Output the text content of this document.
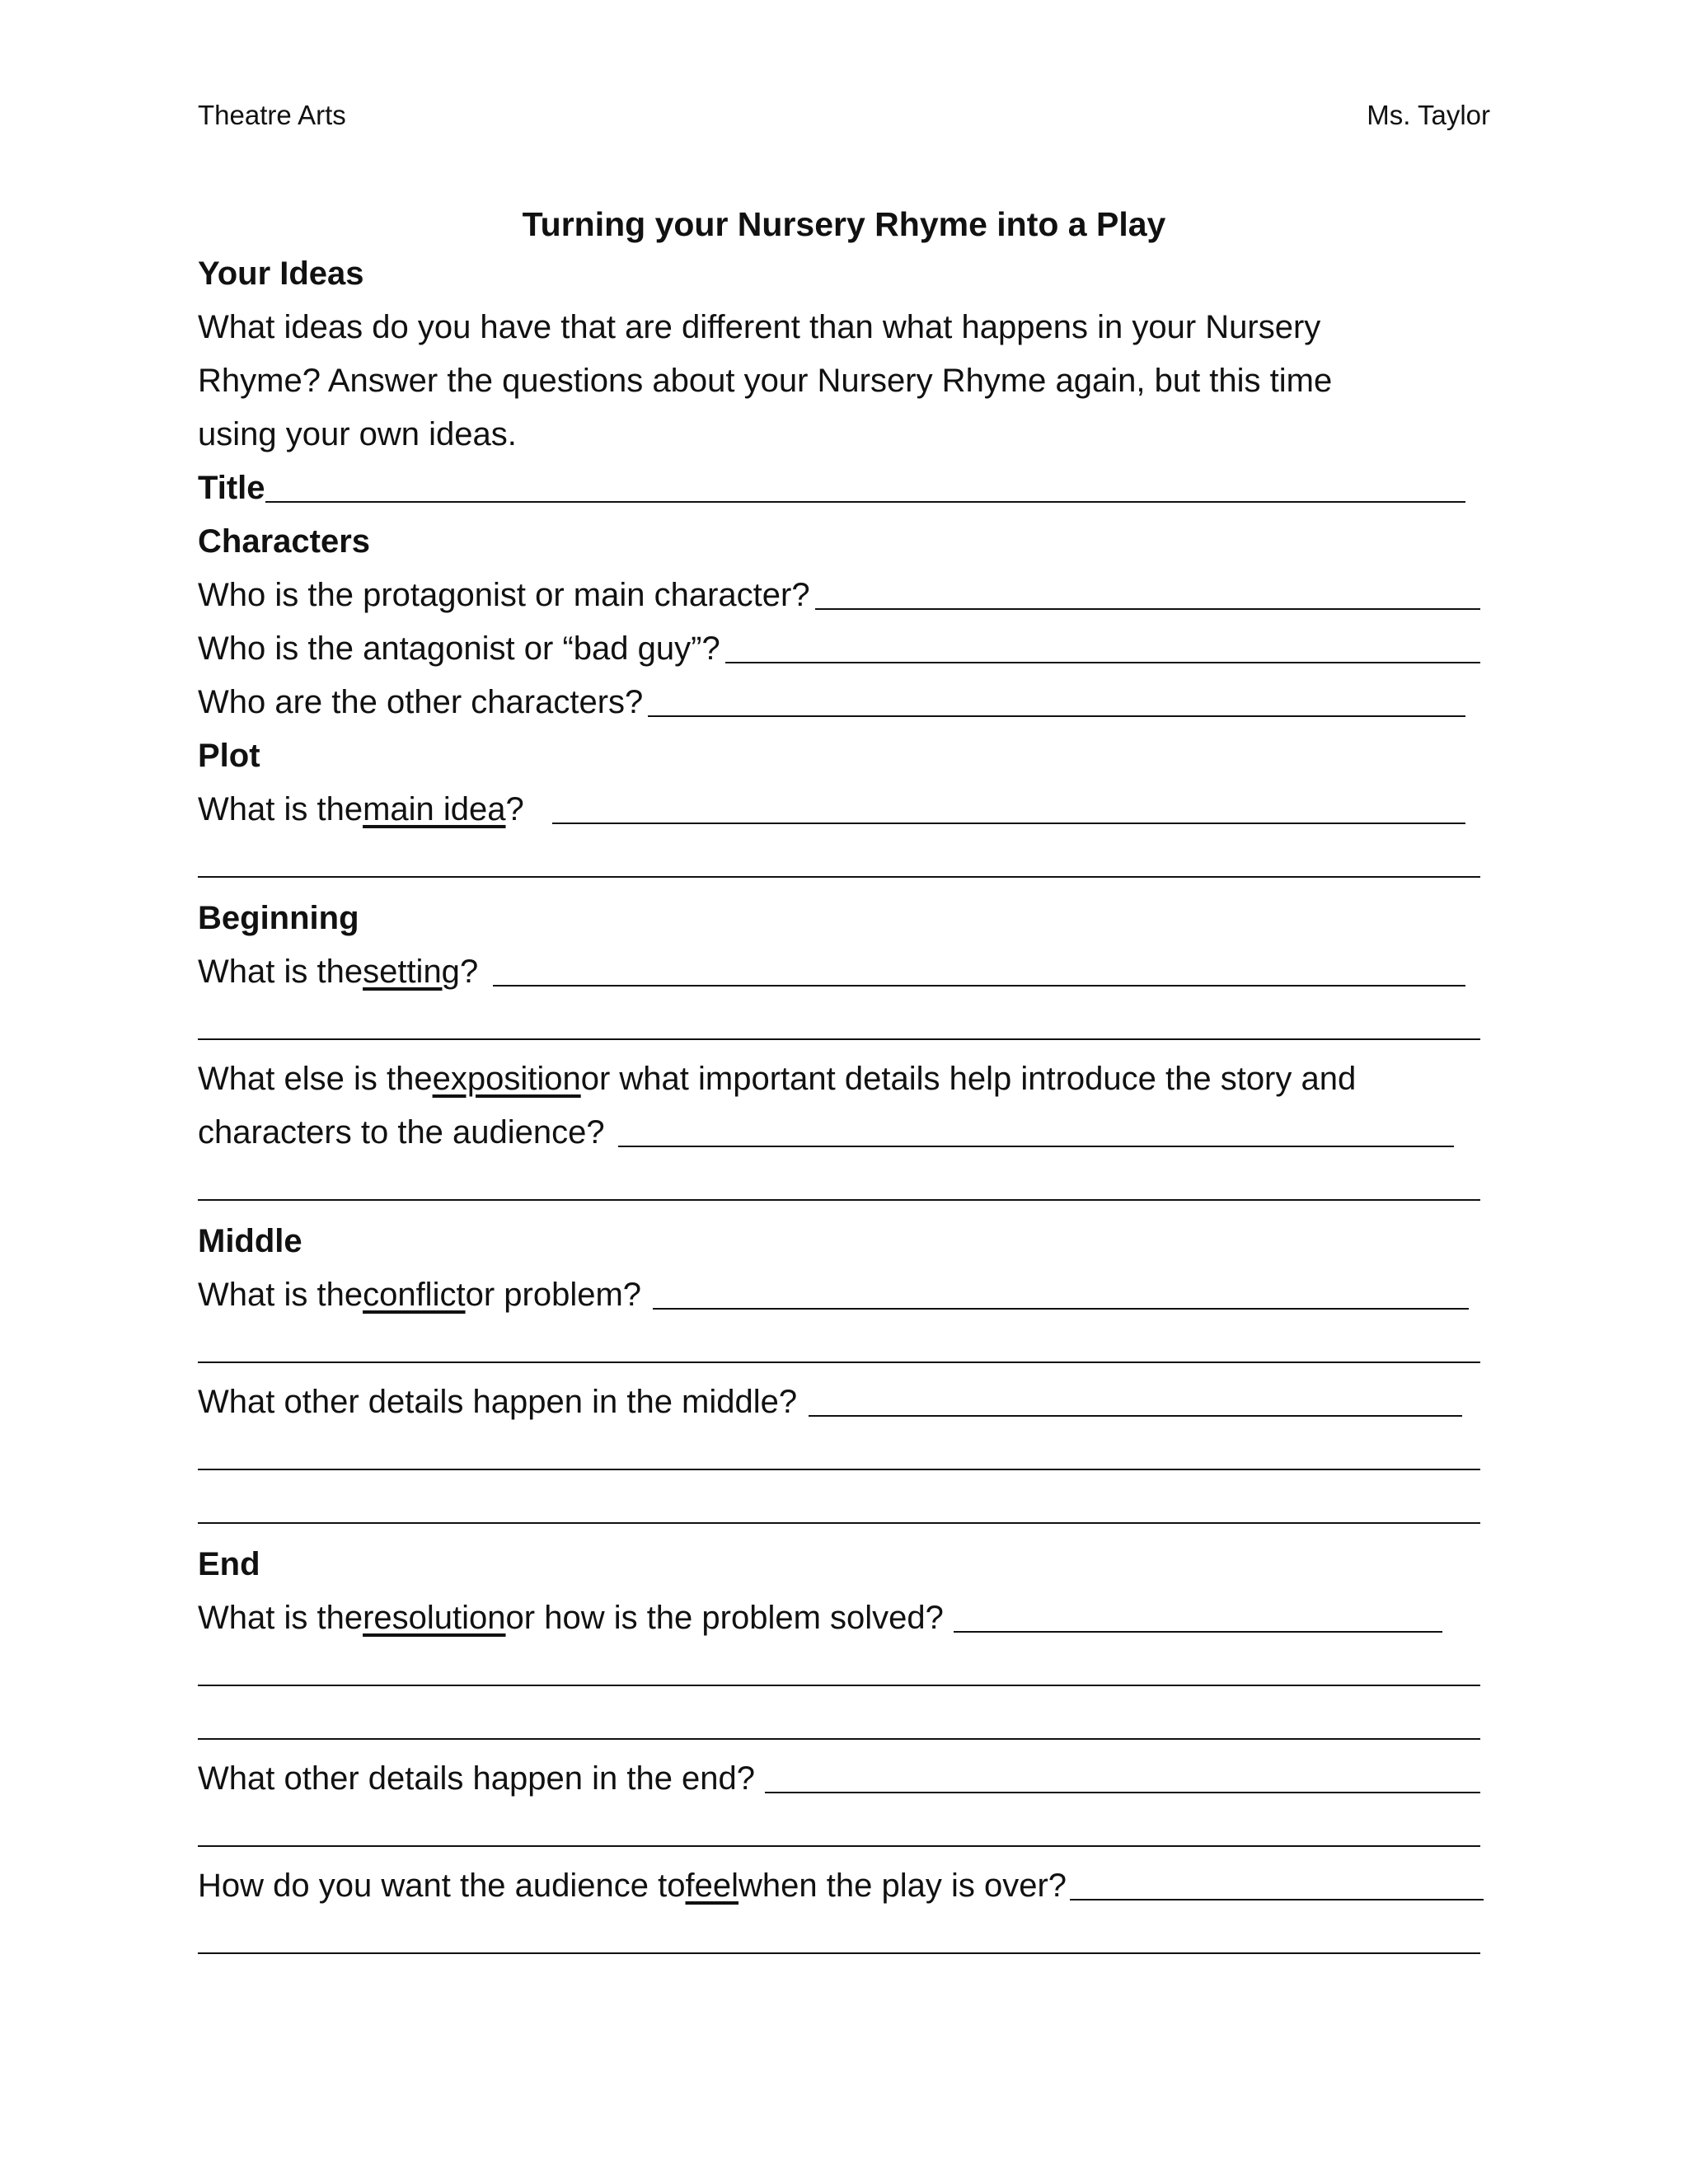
Theatre Arts	Ms. Taylor
Turning your Nursery Rhyme into a Play
Your Ideas
What ideas do you have that are different than what happens in your Nursery
Rhyme? Answer the questions about your Nursery Rhyme again, but this time
using your own ideas.
Title
Characters
Who is the protagonist or main character?
Who is the antagonist or “bad guy”?
Who are the other characters?
Plot
What is the main idea ?
Beginning
What is the setting ?
What else is the exposition or what important details help introduce the story and
characters to the audience?
Middle
What is the conflict or problem?
What other details happen in the middle?
End
What is the resolution or how is the problem solved?
What other details happen in the end?
How do you want the audience to feel when the play is over?
